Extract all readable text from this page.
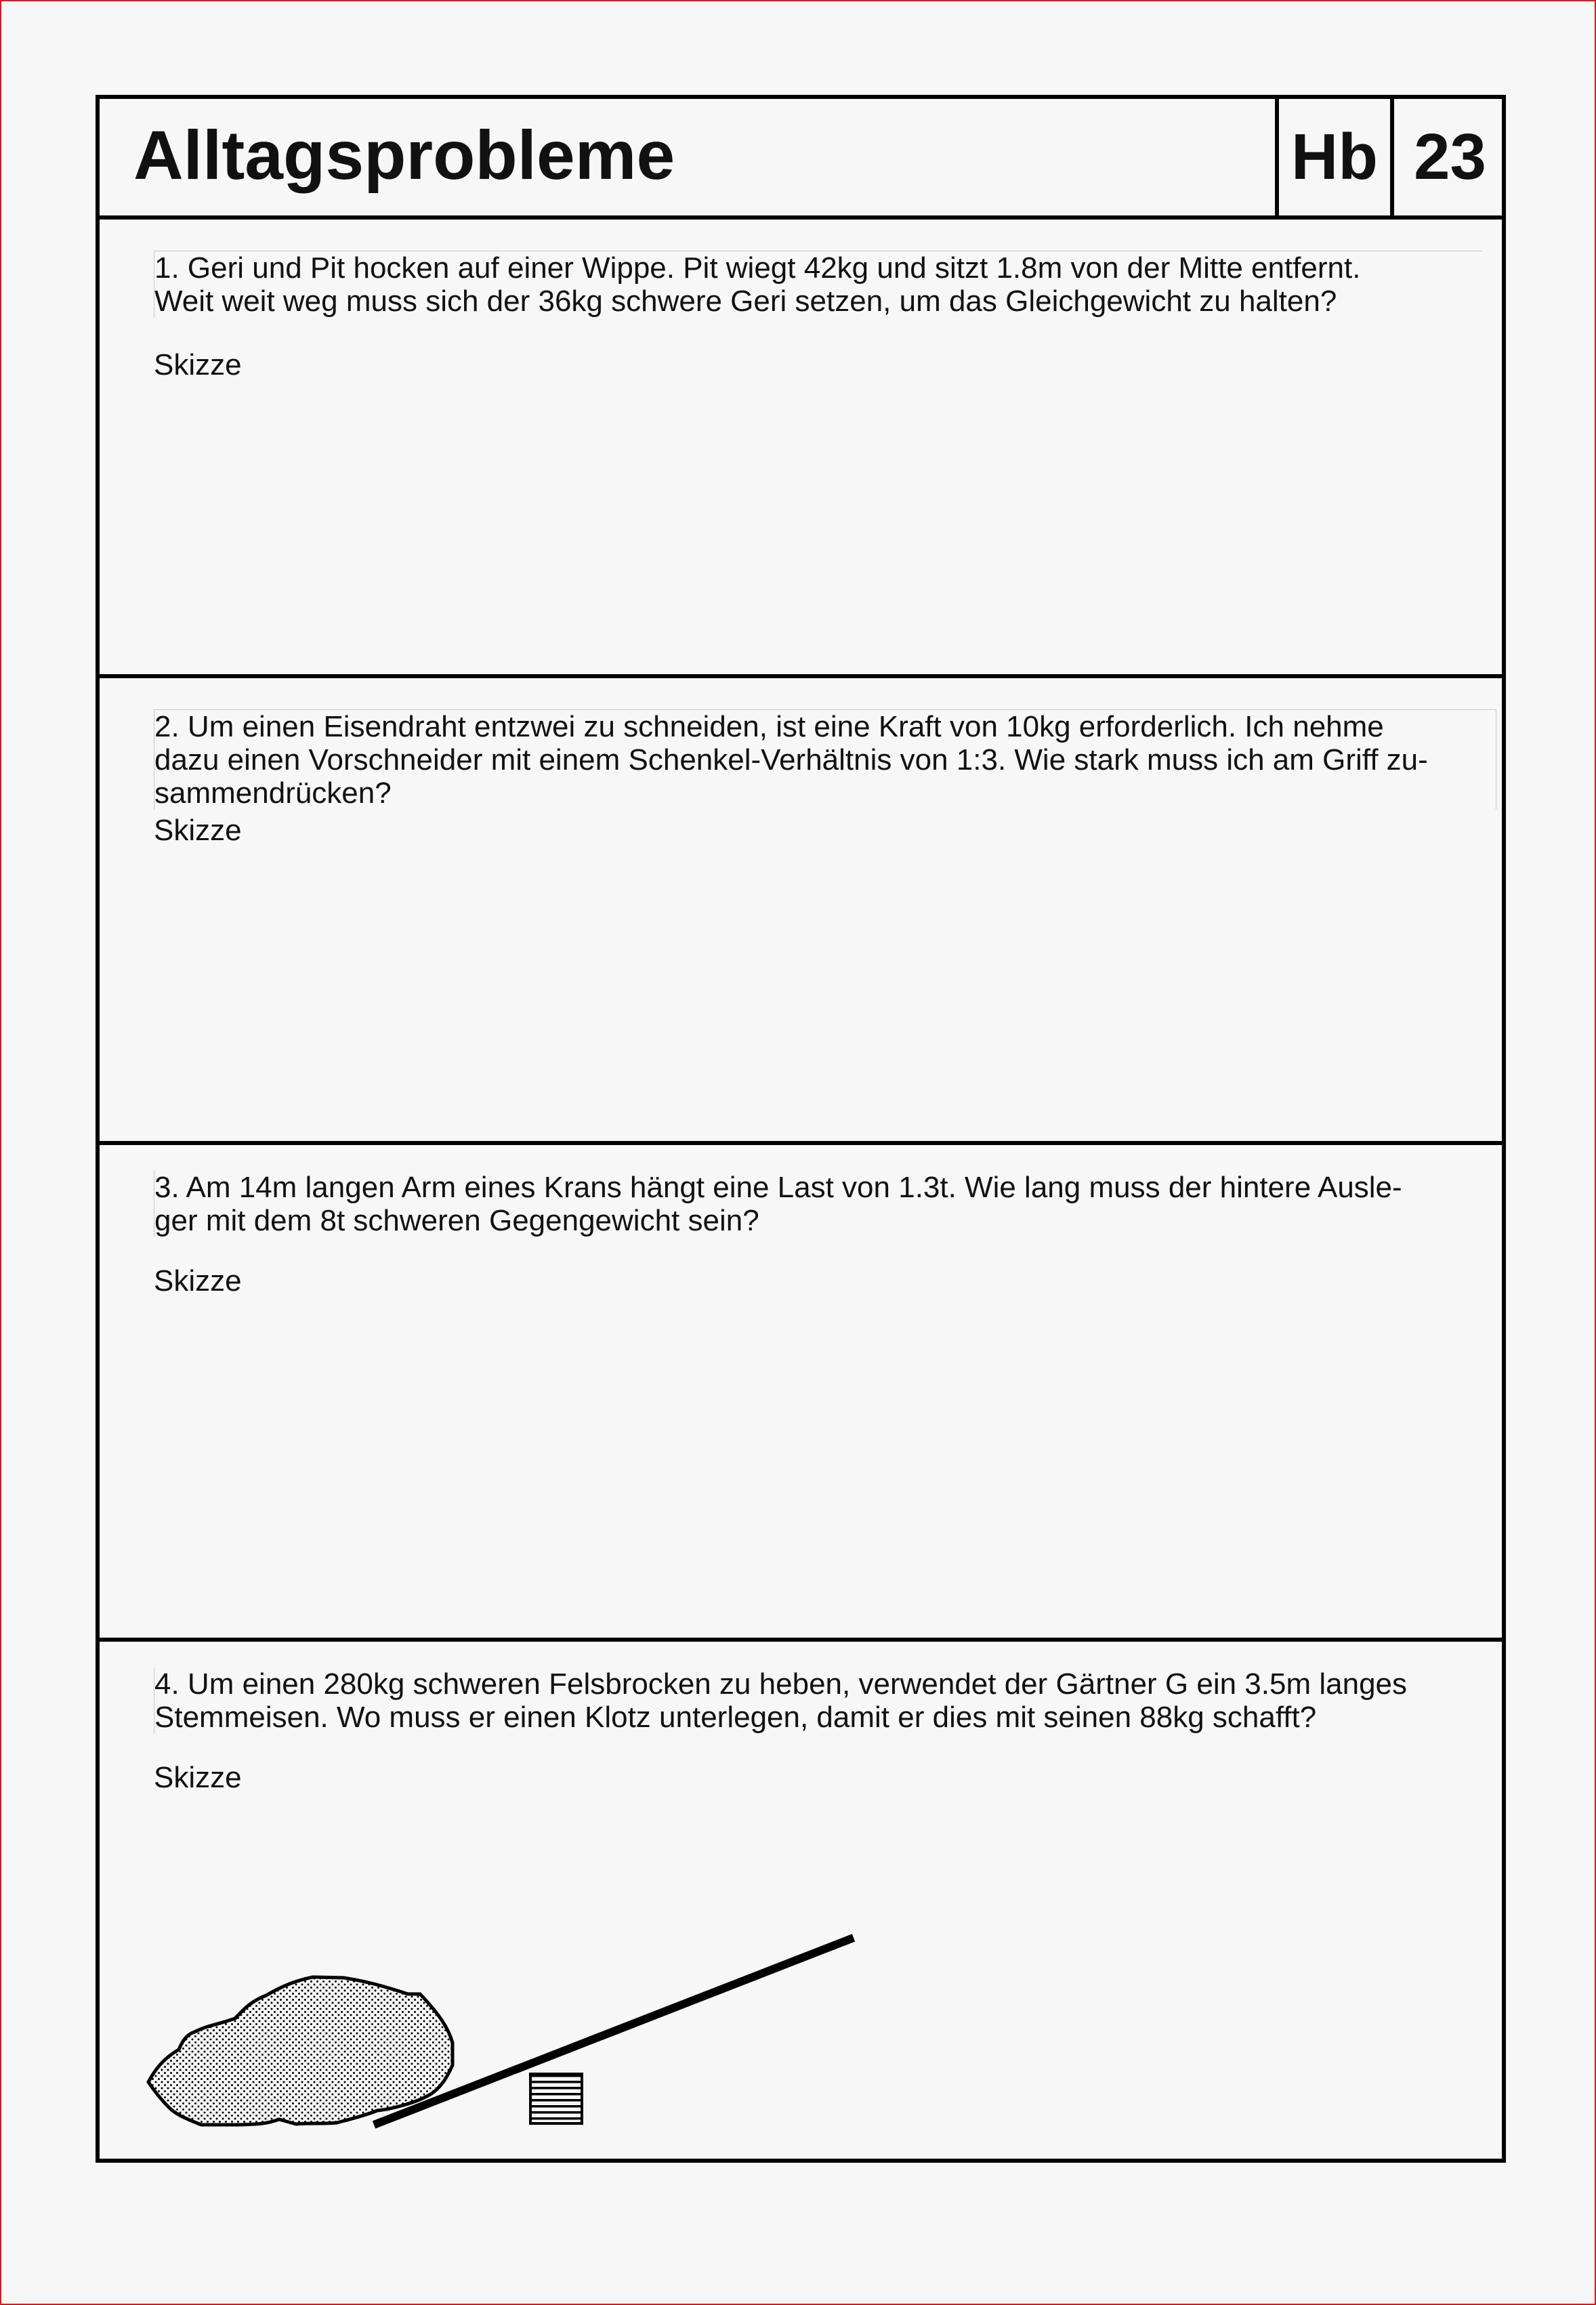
Alltagsprobleme	Hb 23
1. Geri und Pit hocken auf einer Wippe. Pit wiegt 42kg und sitzt 1.8m von der Mitte entfernt.
Weit weit weg muss sich der 36kg schwere Geri setzen, um das Gleichgewicht zu halten?
Skizze
2. Um einen Eisendraht entzwei zu schneiden, ist eine Kraft von 10kg erforderlich. Ich nehme
dazu einen Vorschneider mit einem Schenkel-Verhältnis von 1:3. Wie stark muss ich am Griff zu-
sammendrücken?
Skizze
3. Am 14m langen Arm eines Krans hängt eine Last von 1.3t. Wie lang muss der hintere Ausle-
ger mit dem 8t schweren Gegengewicht sein?
Skizze
4. Um einen 280kg schweren Felsbrocken zu heben, verwendet der Gärtner G ein 3.5m langes
Stemmeisen. Wo muss er einen Klotz unterlegen, damit er dies mit seinen 88kg schafft?
Skizze
